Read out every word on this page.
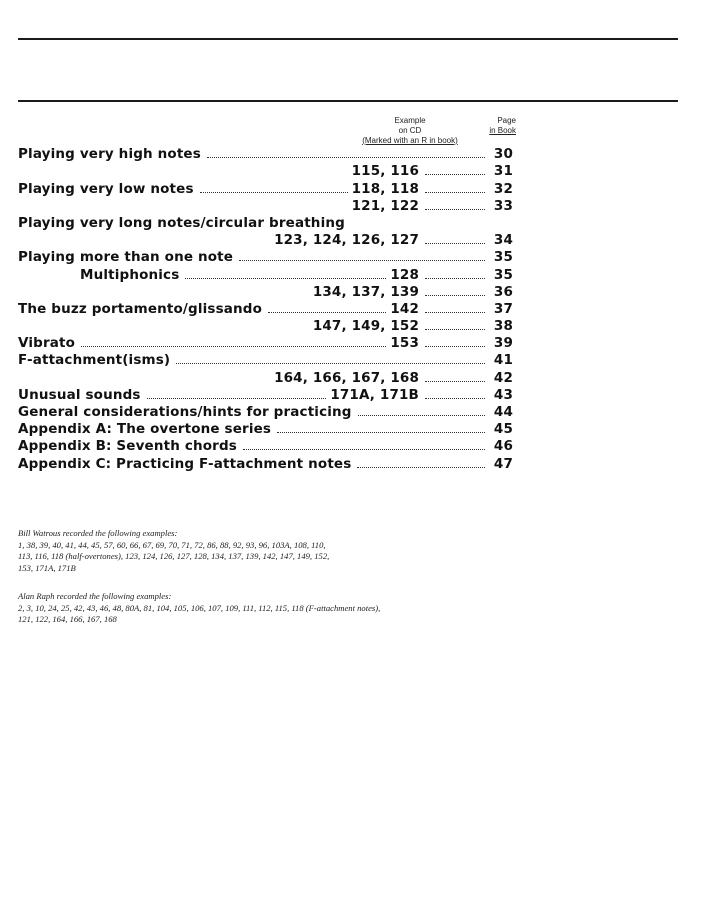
Example
on CD
(Marked with an R in book)
Page
in Book
Playing very high notes	30
115, 116	31
Playing very low notes	118, 118	32
121, 122	33
Playing very long notes/circular breathing
123, 124, 126, 127	34
Playing more than one note	35
Multiphonics	128	35
134, 137, 139	36
The buzz portamento/glissando	142	37
147, 149, 152	38
Vibrato	153	39
F-attachment(isms)	41
164, 166, 167, 168	42
Unusual sounds	171A, 171B	43
General considerations/hints for practicing	44
Appendix A: The overtone series	45
Appendix B: Seventh chords	46
Appendix C: Practicing F-attachment notes	47
Bill Watrous recorded the following examples:
1, 38, 39, 40, 41, 44, 45, 57, 60, 66, 67, 69, 70, 71, 72, 86, 88, 92, 93, 96, 103A, 108, 110,
113, 116, 118 (half-overtones), 123, 124, 126, 127, 128, 134, 137, 139, 142, 147, 149, 152,
153, 171A, 171B
Alan Raph recorded the following examples:
2, 3, 10, 24, 25, 42, 43, 46, 48, 80A, 81, 104, 105, 106, 107, 109, 111, 112, 115, 118 (F-attachment notes),
121, 122, 164, 166, 167, 168
